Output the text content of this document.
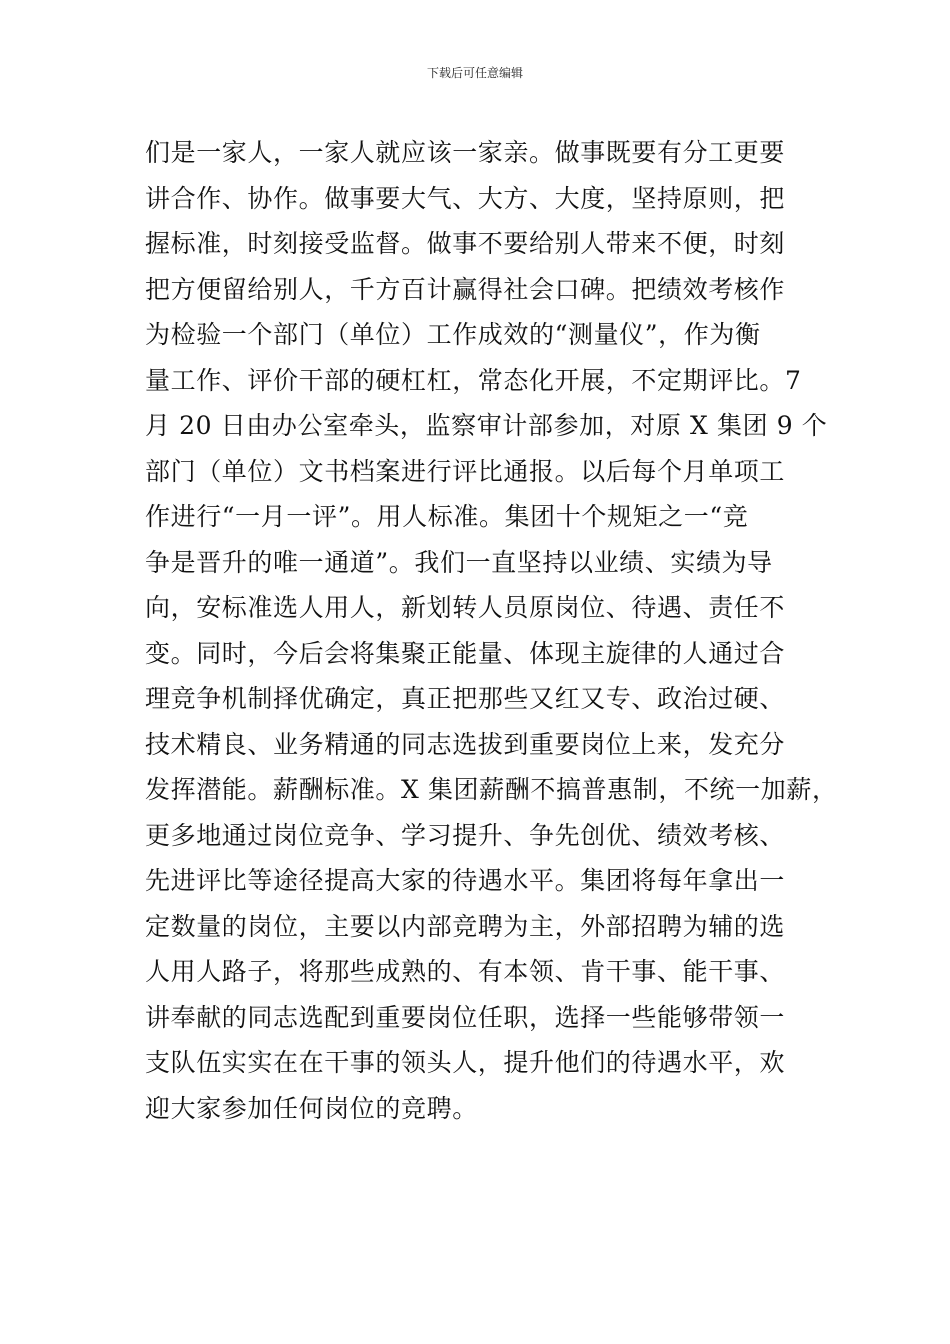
下载后可任意编辑
们是一家人，一家人就应该一家亲。做事既要有分工更要
讲合作、协作。做事要大气、大方、大度，坚持原则，把
握标准，时刻接受监督。做事不要给别人带来不便，时刻
把方便留给别人，千方百计赢得社会口碑。把绩效考核作
为检验一个部门（单位）工作成效的“测量仪”，作为衡
量工作、评价干部的硬杠杠，常态化开展，不定期评比。7
月 20 日由办公室牵头，监察审计部参加，对原 X 集团 9 个
部门（单位）文书档案进行评比通报。以后每个月单项工
作进行“一月一评”。用人标准。集团十个规矩之一“竞
争是晋升的唯一通道”。我们一直坚持以业绩、实绩为导
向，安标准选人用人，新划转人员原岗位、待遇、责任不
变。同时，今后会将集聚正能量、体现主旋律的人通过合
理竞争机制择优确定，真正把那些又红又专、政治过硬、
技术精良、业务精通的同志选拔到重要岗位上来，发充分
发挥潜能。薪酬标准。X 集团薪酬不搞普惠制，不统一加薪，
更多地通过岗位竞争、学习提升、争先创优、绩效考核、
先进评比等途径提高大家的待遇水平。集团将每年拿出一
定数量的岗位，主要以内部竞聘为主，外部招聘为辅的选
人用人路子，将那些成熟的、有本领、肯干事、能干事、
讲奉献的同志选配到重要岗位任职，选择一些能够带领一
支队伍实实在在干事的领头人，提升他们的待遇水平，欢
迎大家参加任何岗位的竞聘。
